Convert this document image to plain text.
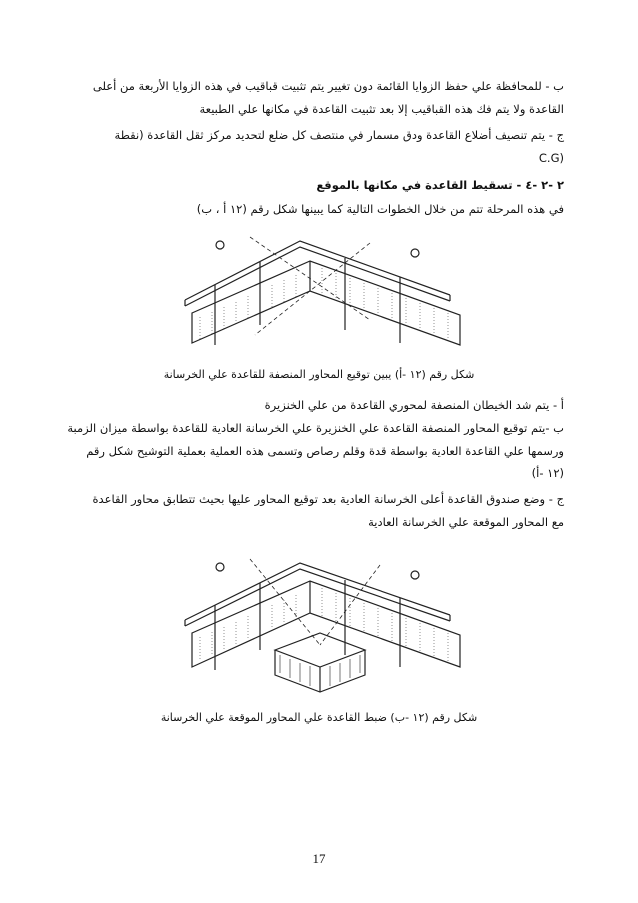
ب - للمحافظة علي حفظ الزوايا القائمة دون تغيير يتم تثبيت قباقيب في هذه الزوايا الأربعة من أعلى
القاعدة ولا يتم فك هذه القباقيب إلا بعد تثبيت القاعدة في مكانها علي الطبيعة
ج - يتم تنصيف أضلاع القاعدة ودق مسمار في منتصف كل ضلع لتحديد مركز ثقل القاعدة (نقطة
(C.G
٢ -٢ -٤ - تسقيط القاعدة في مكانها بالموقع
في هذه المرحلة تتم من خلال الخطوات التالية كما يبينها شكل رقم (١٢ أ ، ب)
شكل رقم (١٢ -أ) يبين توقيع المحاور المنصفة للقاعدة علي الخرسانة
أ - يتم شد الخيطان المنصفة لمحوري القاعدة من علي الخنزيرة
ب -يتم توقيع المحاور المنصفة القاعدة علي الخنزيرة علي الخرسانة العادية للقاعدة بواسطة ميزان الزمبة
ورسمها علي القاعدة العادية بواسطة قدة وقلم رصاص وتسمى هذه العملية بعملية التوشيح شكل رقم
(١٢ -أ)
ج - وضع صندوق القاعدة أعلى الخرسانة العادية بعد توقيع المحاور عليها بحيث تتطابق محاور القاعدة
مع المحاور الموقعة علي الخرسانة العادية
شكل رقم (١٢ -ب) ضبط القاعدة علي المحاور الموقعة علي الخرسانة
17
